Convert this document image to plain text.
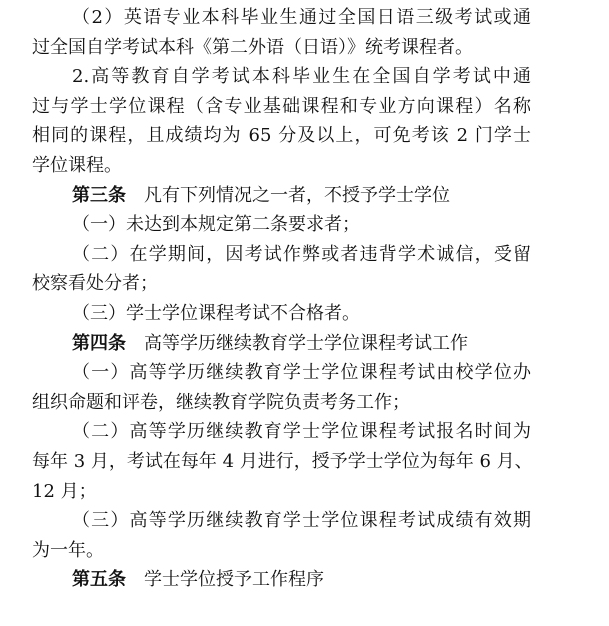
（2）英语专业本科毕业生通过全国日语三级考试或通
过全国自学考试本科《第二外语（日语）》统考课程者。
2.高等教育自学考试本科毕业生在全国自学考试中通
过与学士学位课程（含专业基础课程和专业方向课程）名称
相同的课程，且成绩均为 65 分及以上，可免考该 2 门学士
学位课程。
第三条 凡有下列情况之一者，不授予学士学位
（一）未达到本规定第二条要求者；
（二）在学期间，因考试作弊或者违背学术诚信，受留
校察看处分者；
（三）学士学位课程考试不合格者。
第四条 高等学历继续教育学士学位课程考试工作
（一）高等学历继续教育学士学位课程考试由校学位办
组织命题和评卷，继续教育学院负责考务工作；
（二）高等学历继续教育学士学位课程考试报名时间为
每年 3 月，考试在每年 4 月进行，授予学士学位为每年 6 月、
12 月；
（三）高等学历继续教育学士学位课程考试成绩有效期
为一年。
第五条 学士学位授予工作程序
